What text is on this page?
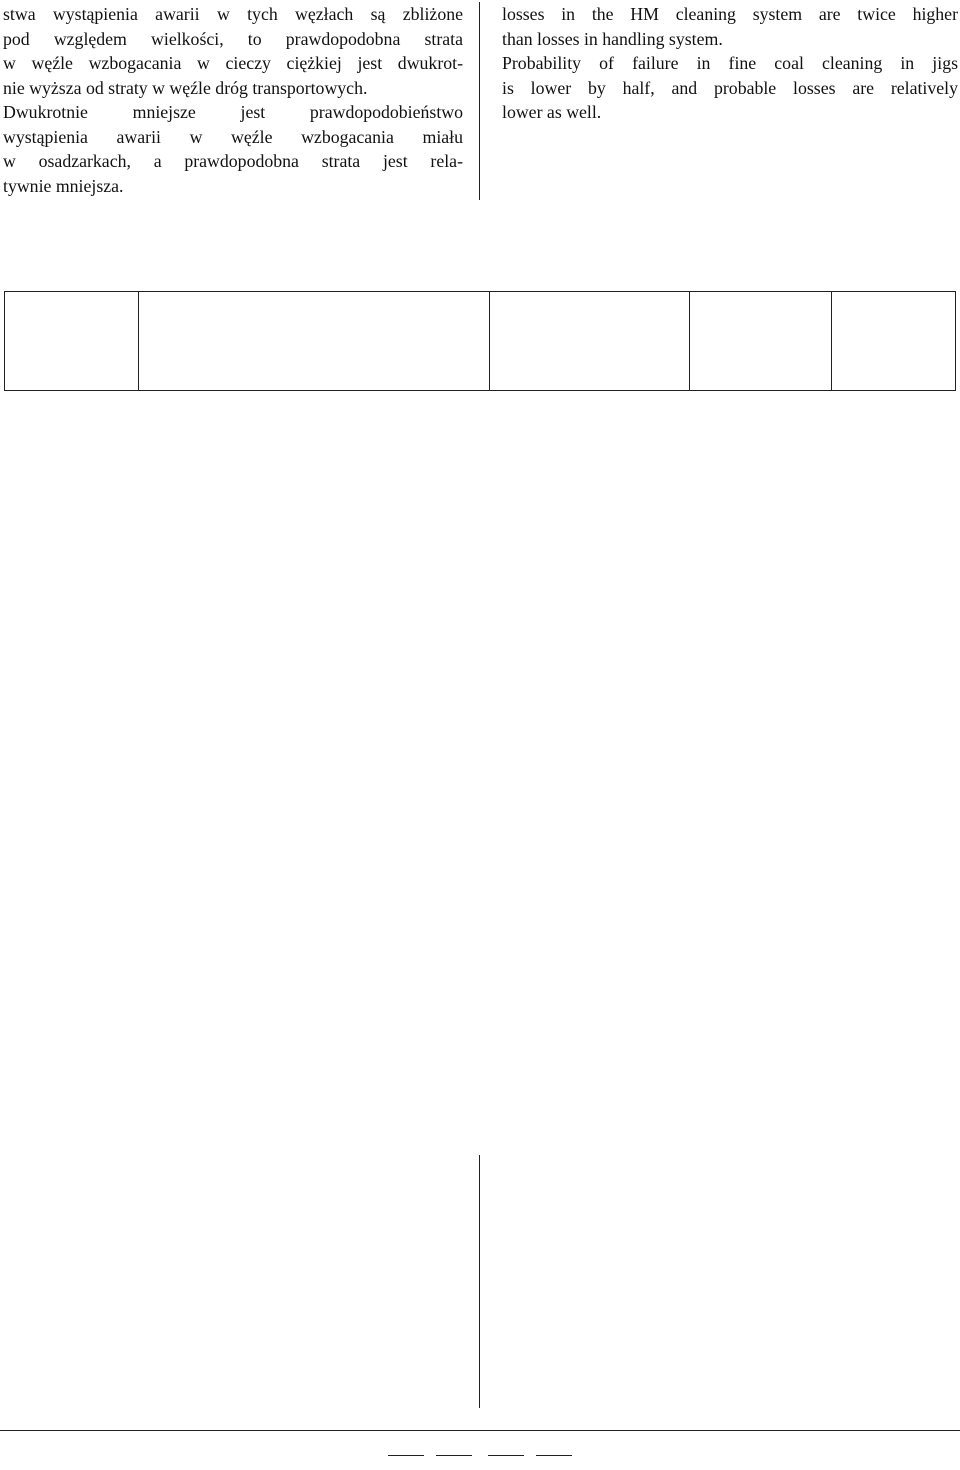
stwa wystąpienia awarii w tych węzłach są zbliżone
pod względem wielkości, to prawdopodobna strata
w węźle wzbogacania w cieczy ciężkiej jest dwukrot-
nie wyższa od straty w węźle dróg transportowych.
Dwukrotnie mniejsze jest prawdopodobieństwo
wystąpienia awarii w węźle wzbogacania miału
w osadzarkach, a prawdopodobna strata jest rela-
tywnie mniejsza.
losses in the HM cleaning system are twice higher
than losses in handling system.
Probability of failure in fine coal cleaning in jigs
is lower by half, and probable losses are relatively
lower as well.
